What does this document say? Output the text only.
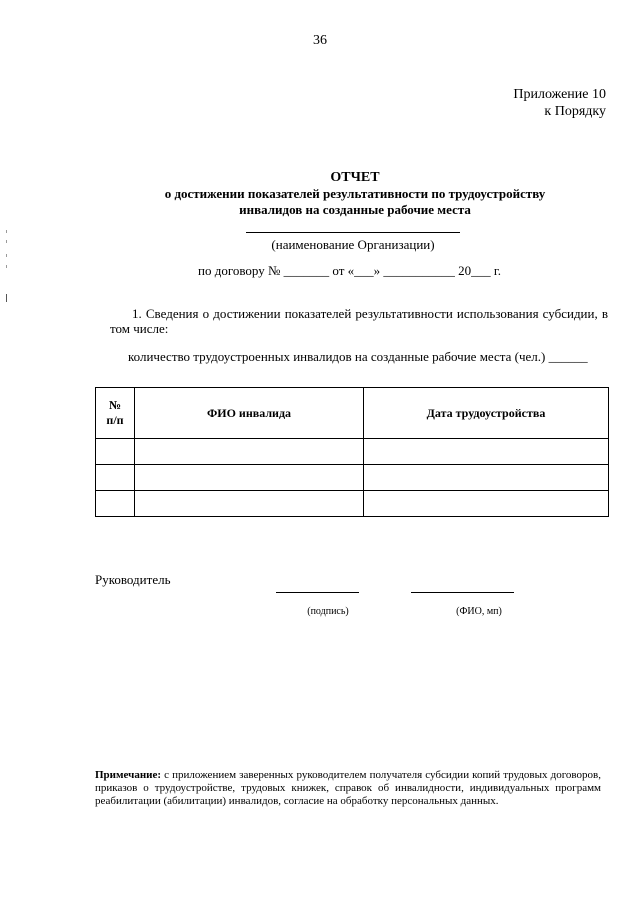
36
Приложение 10
к Порядку
ОТЧЕТ
о достижении показателей результативности по трудоустройству
инвалидов на созданные рабочие места
(наименование Организации)
по договору № _______ от «___» ___________ 20___ г.
1. Сведения о достижении показателей результативности использования субсидии, в том числе:
количество трудоустроенных инвалидов на созданные рабочие места (чел.) ______
№
п/п	ФИО инвалида	Дата трудоустройства

Руководитель
(подпись)	(ФИО, мп)
Примечание: с приложением заверенных руководителем получателя субсидии копий трудовых договоров, приказов о трудоустройстве, трудовых книжек, справок об инвалидности, индивидуальных программ реабилитации (абилитации) инвалидов, согласие на обработку персональных данных.
